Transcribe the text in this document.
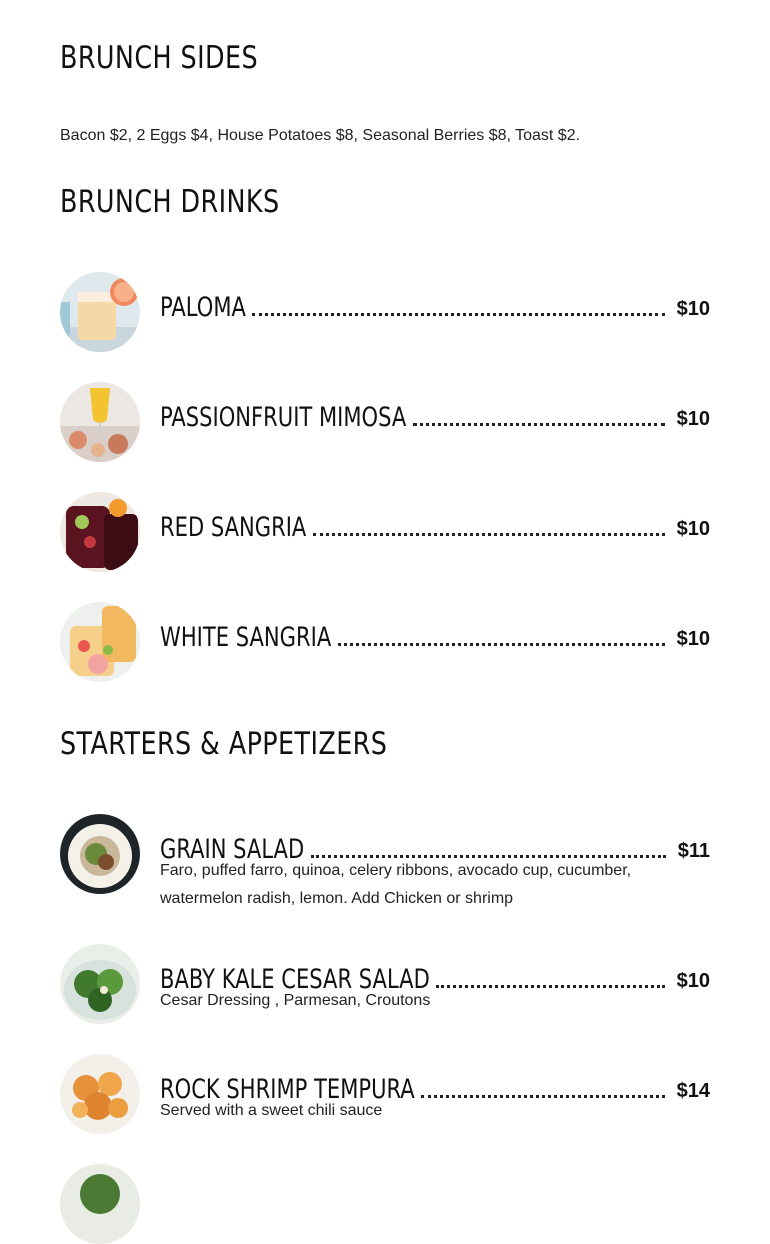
BRUNCH SIDES

Bacon $2, 2 Eggs $4, House Potatoes $8, Seasonal Berries $8, Toast $2.

BRUNCH DRINKS
PALOMA	$10
PASSIONFRUIT MIMOSA	$10
RED SANGRIA	$10
WHITE SANGRIA	$10
STARTERS & APPETIZERS
GRAIN SALAD	$11
Faro, puffed farro, quinoa, celery ribbons, avocado cup, cucumber, watermelon radish, lemon. Add Chicken or shrimp
BABY KALE CESAR SALAD	$10
Cesar Dressing , Parmesan, Croutons
ROCK SHRIMP TEMPURA	$14
Served with a sweet chili sauce
